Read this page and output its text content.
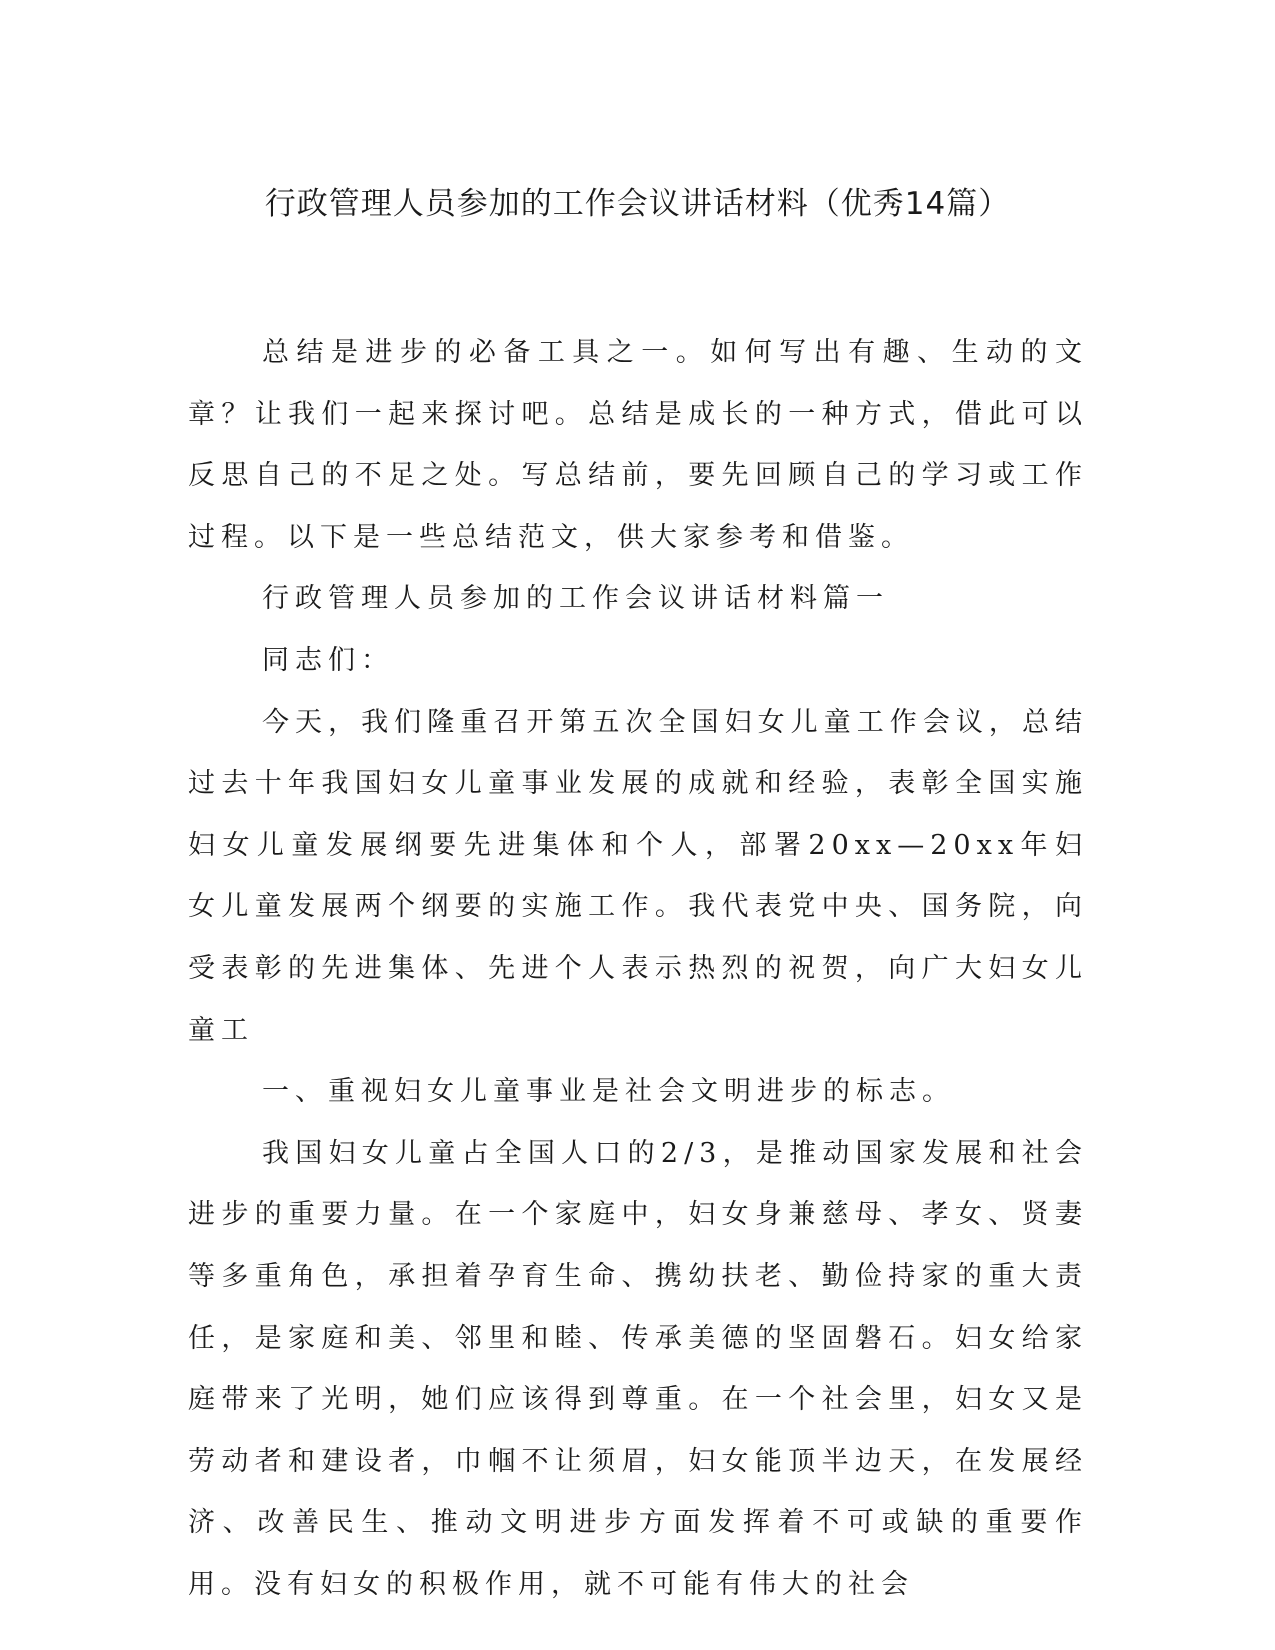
行政管理人员参加的工作会议讲话材料（优秀14篇）

总结是进步的必备工具之一。如何写出有趣、生动的文章？让我们一起来探讨吧。总结是成长的一种方式，借此可以反思自己的不足之处。写总结前，要先回顾自己的学习或工作过程。以下是一些总结范文，供大家参考和借鉴。

行政管理人员参加的工作会议讲话材料篇一

同志们：

今天，我们隆重召开第五次全国妇女儿童工作会议，总结过去十年我国妇女儿童事业发展的成就和经验，表彰全国实施妇女儿童发展纲要先进集体和个人，部署20xx—20xx年妇女儿童发展两个纲要的实施工作。我代表党中央、国务院，向受表彰的先进集体、先进个人表示热烈的祝贺，向广大妇女儿童工

一、重视妇女儿童事业是社会文明进步的标志。

我国妇女儿童占全国人口的2/3，是推动国家发展和社会进步的重要力量。在一个家庭中，妇女身兼慈母、孝女、贤妻等多重角色，承担着孕育生命、携幼扶老、勤俭持家的重大责任，是家庭和美、邻里和睦、传承美德的坚固磐石。妇女给家庭带来了光明，她们应该得到尊重。在一个社会里，妇女又是劳动者和建设者，巾帼不让须眉，妇女能顶半边天，在发展经济、改善民生、推动文明进步方面发挥着不可或缺的重要作用。没有妇女的积极作用，就不可能有伟大的社会
